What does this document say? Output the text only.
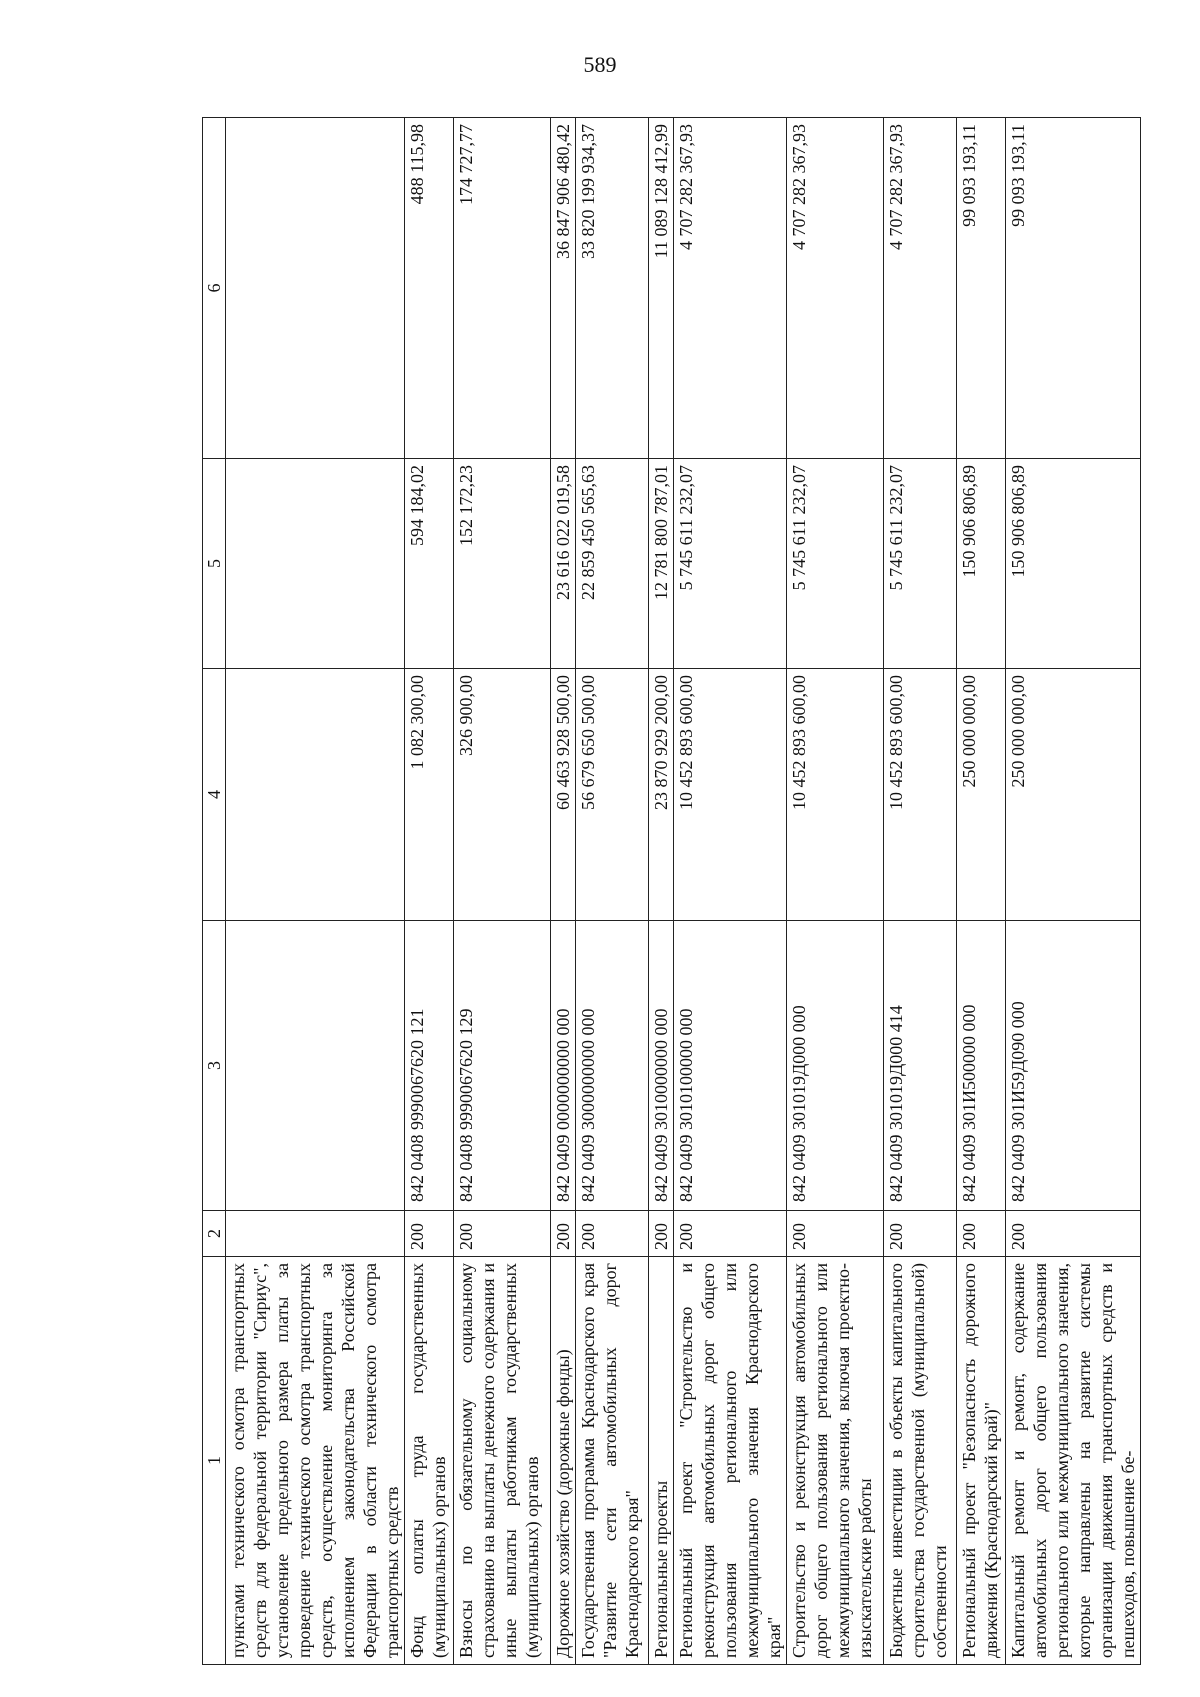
589
1	2	3	4	5	6
пунктами технического осмотра транспортных средств для федеральной территории "Сириус", установление предельного размера платы за проведение технического осмотра транспортных средств, осуществление мониторинга за исполнением законодательства Российской Федерации в области технического осмотра транспортных средств					
Фонд оплаты труда государственных (муниципальных) органов	200	842 0408 9990067620 121	1 082 300,00	594 184,02	488 115,98
Взносы по обязательному социальному страхованию на выплаты денежного содержания и иные выплаты работникам государственных (муниципальных) органов	200	842 0408 9990067620 129	326 900,00	152 172,23	174 727,77
Дорожное хозяйство (дорожные фонды)	200	842 0409 0000000000 000	60 463 928 500,00	23 616 022 019,58	36 847 906 480,42
Государственная программа Краснодарского края "Развитие сети автомобильных дорог Краснодарского края"	200	842 0409 3000000000 000	56 679 650 500,00	22 859 450 565,63	33 820 199 934,37
Региональные проекты	200	842 0409 3010000000 000	23 870 929 200,00	12 781 800 787,01	11 089 128 412,99
Региональный проект "Строительство и реконструкция автомобильных дорог общего пользования регионального или межмуниципального значения Краснодарского края"	200	842 0409 3010100000 000	10 452 893 600,00	5 745 611 232,07	4 707 282 367,93
Строительство и реконструкция автомобильных дорог общего пользования регионального или межмуниципального значения, включая проектно-изыскательские работы	200	842 0409 301019Д000 000	10 452 893 600,00	5 745 611 232,07	4 707 282 367,93
Бюджетные инвестиции в объекты капитального строительства государственной (муниципальной) собственности	200	842 0409 301019Д000 414	10 452 893 600,00	5 745 611 232,07	4 707 282 367,93
Региональный проект "Безопасность дорожного движения (Краснодарский край)"	200	842 0409 301И500000 000	250 000 000,00	150 906 806,89	99 093 193,11
Капитальный ремонт и ремонт, содержание автомобильных дорог общего пользования регионального или межмуниципального значения, которые направлены на развитие системы организации движения транспортных средств и пешеходов, повышение бе-	200	842 0409 301И59Д090 000	250 000 000,00	150 906 806,89	99 093 193,11
